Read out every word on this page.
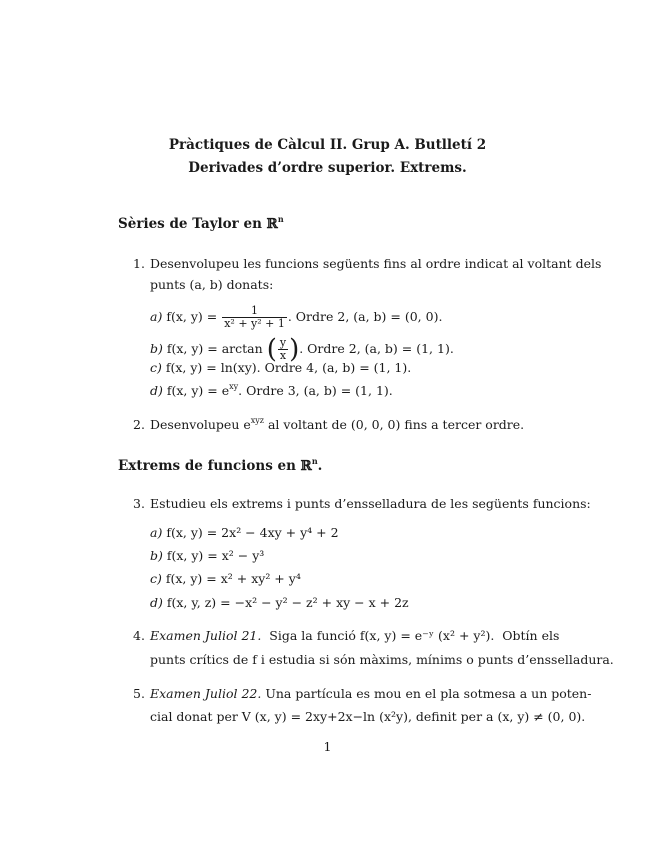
Pràctiques de Càlcul II. Grup A. Butlletí 2
Derivades d’ordre superior. Extrems.
Sèries de Taylor en ℝ$^n$
1. Desenvolupeu les funcions següents fins al ordre indicat al voltant dels
punts (a, b) donats:
a) f(x, $y) = \frac{1}{\text{x² + y² + 1}}$ . Ordre 2, (a, b) = (0, 0).
b) f(x, y) = arctan ( $\frac{y}{x}$ ). Ordre 2, (a, b) = (1, 1).
c) f(x, y) = ln(xy). Ordre 4, (a, b) = (1, 1).
d) f(x, $y) = e^{xy}$. Ordre 3, (a, b) = (1, 1).
2. Desenvolupeu $e^{xyz}$ al voltant de (0, 0, 0) fins a tercer ordre.
Extrems de funcions en ℝ$^n$.
3. Estudieu els extrems i punts d’ensselladura de les següents funcions:
a) f(x, y) = 2x² − 4xy + y⁴ + 2
b) f(x, y) = x² − y³
c) f(x, y) = x² + xy² + y⁴
d) f(x, y, z) = −x² − y² − z² + xy − x + 2z
4. Examen Juliol 21.  Siga la funció f(x, y) = e⁻ʸ (x² + y²).  Obtín els
punts crítics de f i estudia si són màxims, mínims o punts d’ensselladura.
5. Examen Juliol 22. Una partícula es mou en el pla sotmesa a un poten-
cial donat per V (x, y) = 2xy+2x−ln (x²y), definit per a (x, y) ≠ (0, 0).
1
